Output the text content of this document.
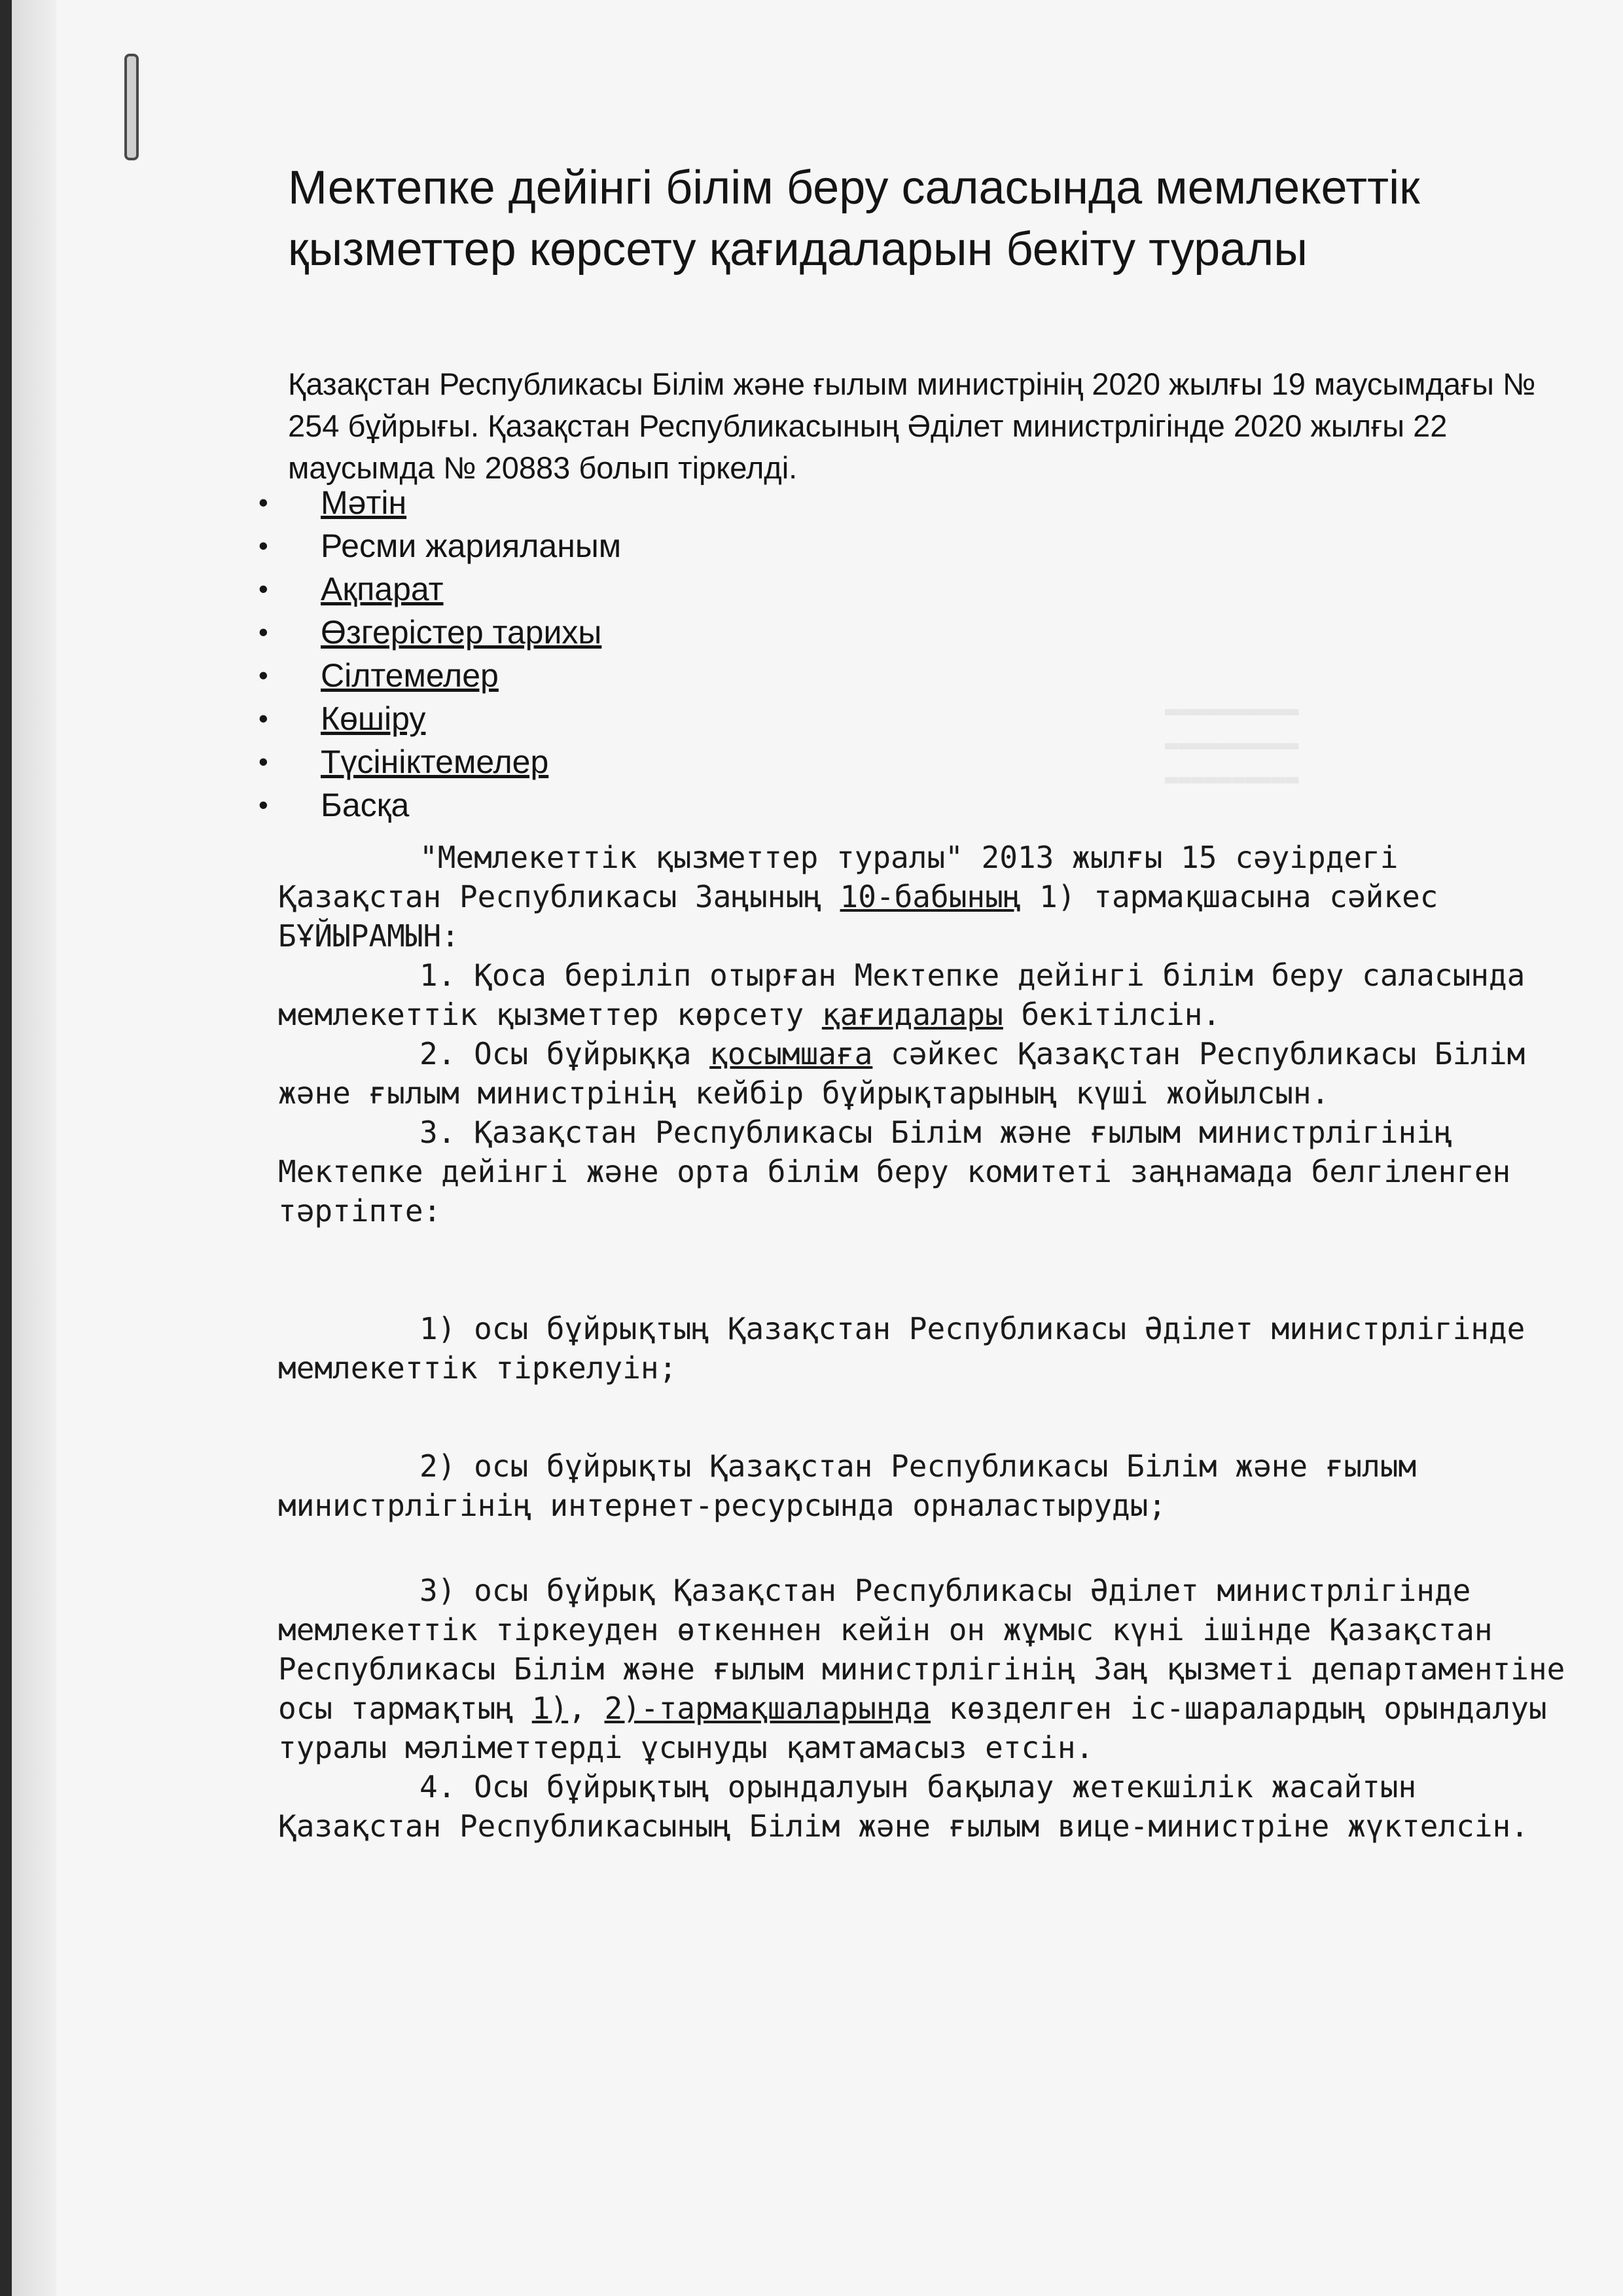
▬▬▬▬▬▬▬▬▬▬
▬▬▬▬▬▬▬▬▬▬
▬▬▬▬▬▬▬▬▬▬
Мектепке дейінгі білім беру саласында мемлекеттік қызметтер көрсету қағидаларын бекіту туралы

Қазақстан Республикасы Білім және ғылым министрінің 2020 жылғы 19 маусымдағы № 254 бұйрығы. Қазақстан Республикасының Әділет министрлігінде 2020 жылғы 22 маусымда № 20883 болып тіркелді.

• Мәтін
• Ресми жарияланым
• Ақпарат
• Өзгерістер тарихы
• Сілтемелер
• Көшіру
• Түсініктемелер
• Басқа

"Мемлекеттік қызметтер туралы" 2013 жылғы 15 сәуірдегі Қазақстан Республикасы Заңының 10-бабының 1) тармақшасына сәйкес БҰЙЫРАМЫН:

1. Қоса беріліп отырған Мектепке дейінгі білім беру саласында мемлекеттік қызметтер көрсету қағидалары бекітілсін.

2. Осы бұйрыққа қосымшаға сәйкес Қазақстан Республикасы Білім және ғылым министрінің кейбір бұйрықтарының күші жойылсын.

3. Қазақстан Республикасы Білім және ғылым министрлігінің Мектепке дейінгі және орта білім беру комитеті заңнамада белгіленген тәртіпте:

1) осы бұйрықтың Қазақстан Республикасы Әділет министрлігінде мемлекеттік тіркелуін;

2) осы бұйрықты Қазақстан Республикасы Білім және ғылым министрлігінің интернет-ресурсында орналастыруды;

3) осы бұйрық Қазақстан Республикасы Әділет министрлігінде мемлекеттік тіркеуден өткеннен кейін он жұмыс күні ішінде Қазақстан Республикасы Білім және ғылым министрлігінің Заң қызметі департаментіне осы тармақтың 1), 2)-тармақшаларында көзделген іс-шаралардың орындалуы туралы мәліметтерді ұсынуды қамтамасыз етсін.

4. Осы бұйрықтың орындалуын бақылау жетекшілік жасайтын Қазақстан Республикасының Білім және ғылым вице-министріне жүктелсін.
